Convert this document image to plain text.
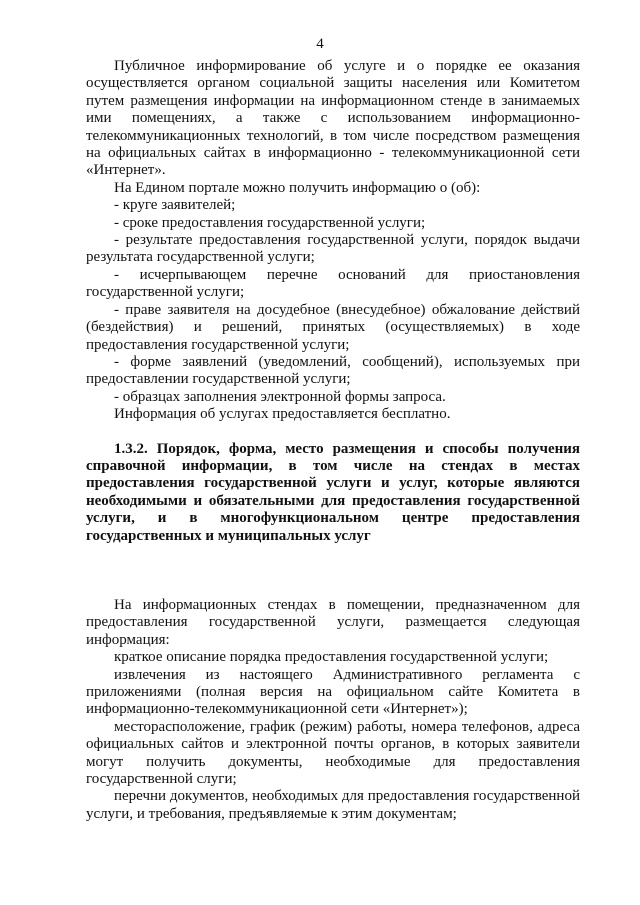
4

Публичное информирование об услуге и о порядке ее оказания осуществляется органом социальной защиты населения или Комитетом путем размещения информации на информационном стенде в занимаемых ими помещениях, а также с использованием информационно-телекоммуникационных технологий, в том числе посредством размещения на официальных сайтах в информационно - телекоммуникационной сети «Интернет».

На Едином портале можно получить информацию о (об):

- круге заявителей;

- сроке предоставления государственной услуги;

- результате предоставления государственной услуги, порядок выдачи результата государственной услуги;

- исчерпывающем перечне оснований для приостановления государственной услуги;

- праве заявителя на досудебное (внесудебное) обжалование действий (бездействия) и решений, принятых (осуществляемых) в ходе предоставления государственной услуги;

- форме заявлений (уведомлений, сообщений), используемых при предоставлении государственной услуги;

- образцах заполнения электронной формы запроса.

Информация об услугах предоставляется бесплатно.

1.3.2. Порядок, форма, место размещения и способы получения справочной информации, в том числе на стендах в местах предоставления государственной услуги и услуг, которые являются необходимыми и обязательными для предоставления государственной услуги, и в многофункциональном центре предоставления государственных и муниципальных услуг

На информационных стендах в помещении, предназначенном для предоставления государственной услуги, размещается следующая информация:

краткое описание порядка предоставления государственной услуги;

извлечения из настоящего Административного регламента с приложениями (полная версия на официальном сайте Комитета в информационно-телекоммуникационной сети «Интернет»);

месторасположение, график (режим) работы, номера телефонов, адреса официальных сайтов и электронной почты органов, в которых заявители могут получить документы, необходимые для предоставления государственной слуги;

перечни документов, необходимых для предоставления государственной услуги, и требования, предъявляемые к этим документам;
